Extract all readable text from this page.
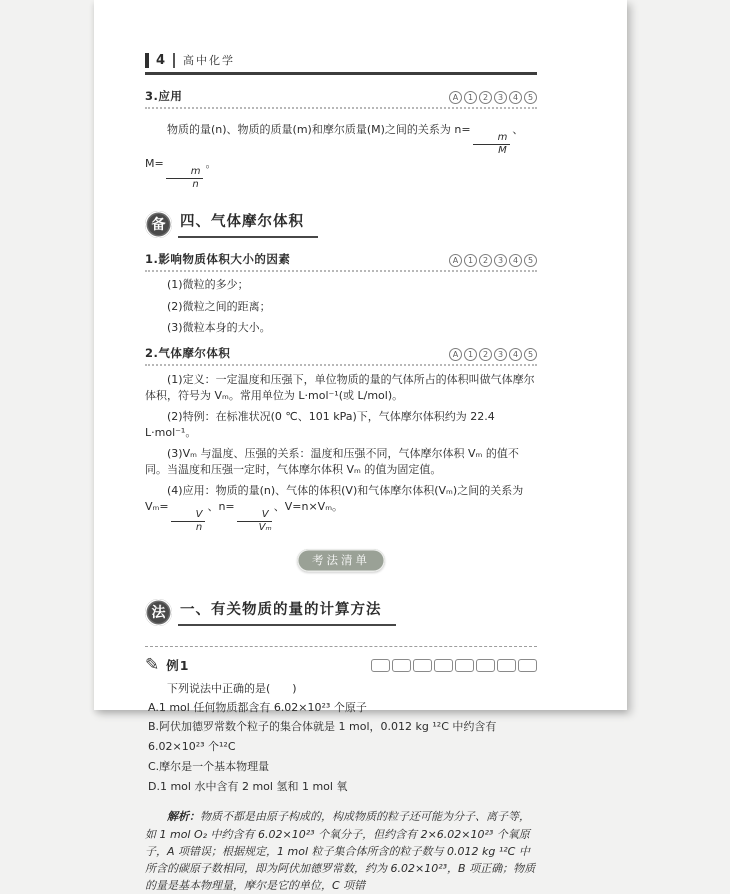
4 高中化学
3.应用	A	1	2	3	4	5

物质的量(n)、物质的质量(m)和摩尔质量(M)之间的关系为 n=
$\frac{m}{M}$
、M=
$\frac{m}{n}$
。

备	四、气体摩尔体积
1.影响物质体积大小的因素	A	1	2	3	4	5
(1)微粒的多少；
(2)微粒之间的距离；
(3)微粒本身的大小。
2.气体摩尔体积	A	1	2	3	4	5

(1)定义：一定温度和压强下，单位物质的量的气体所占的体积叫做气体摩尔体积，符号为 Vₘ。常用单位为 L·mol⁻¹(或 L/mol)。

(2)特例：在标准状况(0 ℃、101 kPa)下，气体摩尔体积约为 22.4 L·mol⁻¹。

(3)Vₘ 与温度、压强的关系：温度和压强不同，气体摩尔体积 Vₘ 的值不同。当温度和压强一定时，气体摩尔体积 Vₘ 的值为固定值。

(4)应用：物质的量(n)、气体的体积(V)和气体摩尔体积(Vₘ)之间的关系为 Vₘ=
$\frac{V}{n}$
、n=
$\frac{V}{\text{Vₘ}}$
、V=n×Vₘ。

考法清单
法	一、有关物质的量的计算方法
✎ 例1
下列说法中正确的是(　　)
A.1 mol 任何物质都含有 6.02×10²³ 个原子
B.阿伏加德罗常数个粒子的集合体就是 1 mol，0.012 kg ¹²C 中约含有 6.02×10²³ 个¹²C
C.摩尔是一个基本物理量
D.1 mol 水中含有 2 mol 氢和 1 mol 氧
解析：物质不都是由原子构成的，构成物质的粒子还可能为分子、离子等，如 1 mol O₂ 中约含有 6.02×10²³ 个氧分子，但约含有 2×6.02×10²³ 个氧原子，A 项错误；根据规定，1 mol 粒子集合体所含的粒子数与 0.012 kg ¹²C 中所含的碳原子数相同，即为阿伏加德罗常数，约为 6.02×10²³，B 项正确；物质的量是基本物理量，摩尔是它的单位，C 项错
